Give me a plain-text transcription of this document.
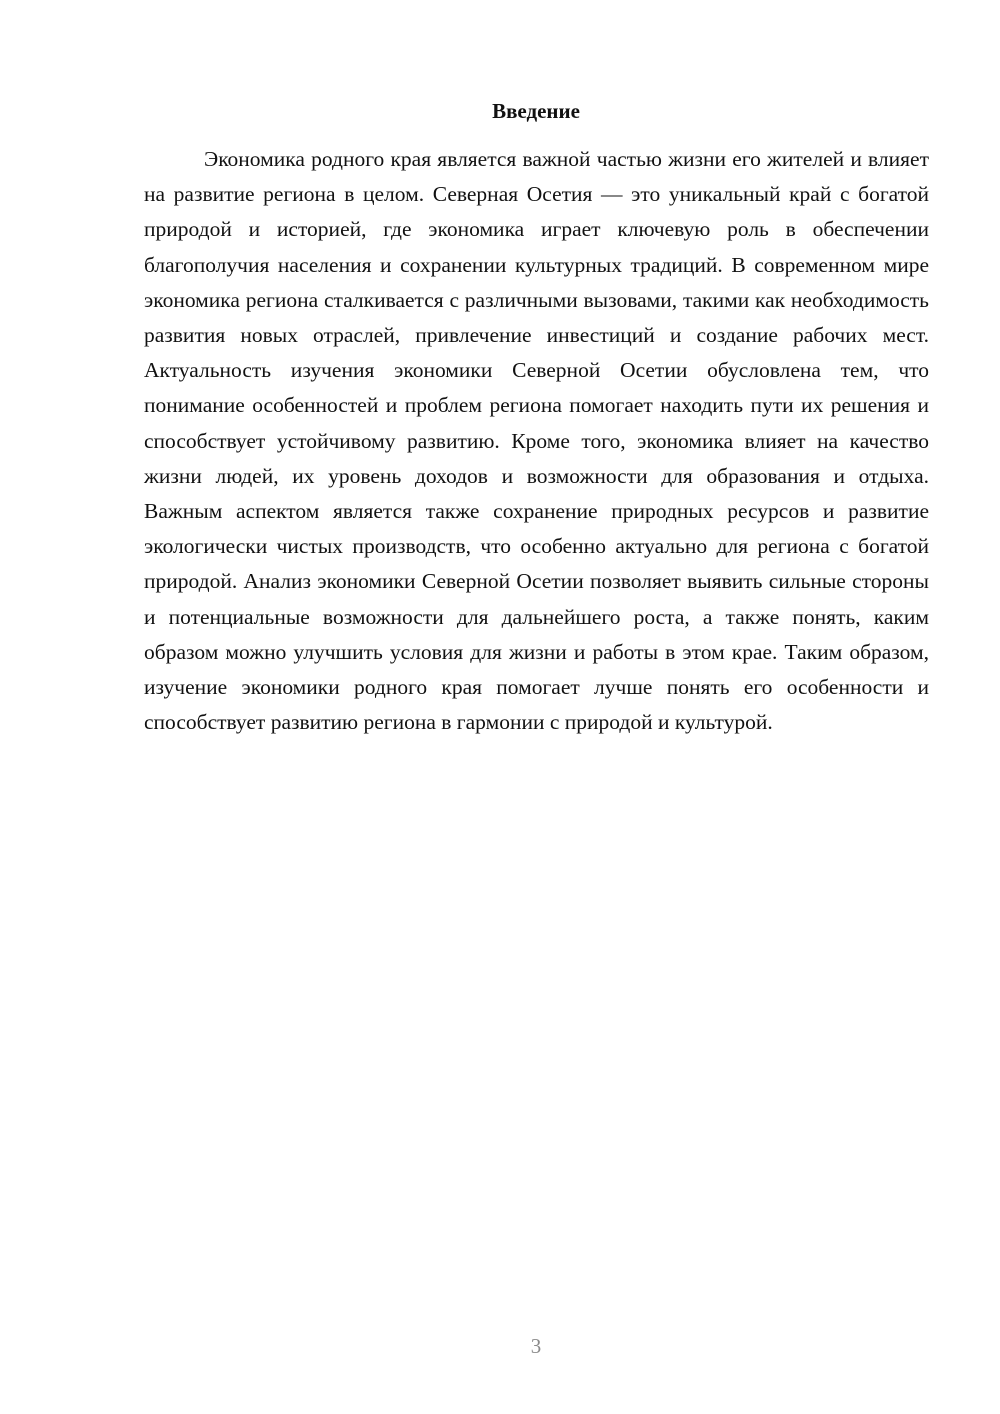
Введение

Экономика родного края является важной частью жизни его жителей и влияет на развитие региона в целом. Северная Осетия — это уникальный край с богатой природой и историей, где экономика играет ключевую роль в обеспечении благополучия населения и сохранении культурных традиций. В современном мире экономика региона сталкивается с различными вызовами, такими как необходимость развития новых отраслей, привлечение инвестиций и создание рабочих мест. Актуальность изучения экономики Северной Осетии обусловлена тем, что понимание особенностей и проблем региона помогает находить пути их решения и способствует устойчивому развитию. Кроме того, экономика влияет на качество жизни людей, их уровень доходов и возможности для образования и отдыха. Важным аспектом является также сохранение природных ресурсов и развитие экологически чистых производств, что особенно актуально для региона с богатой природой. Анализ экономики Северной Осетии позволяет выявить сильные стороны и потенциальные возможности для дальнейшего роста, а также понять, каким образом можно улучшить условия для жизни и работы в этом крае. Таким образом, изучение экономики родного края помогает лучше понять его особенности и способствует развитию региона в гармонии с природой и культурой.

3
